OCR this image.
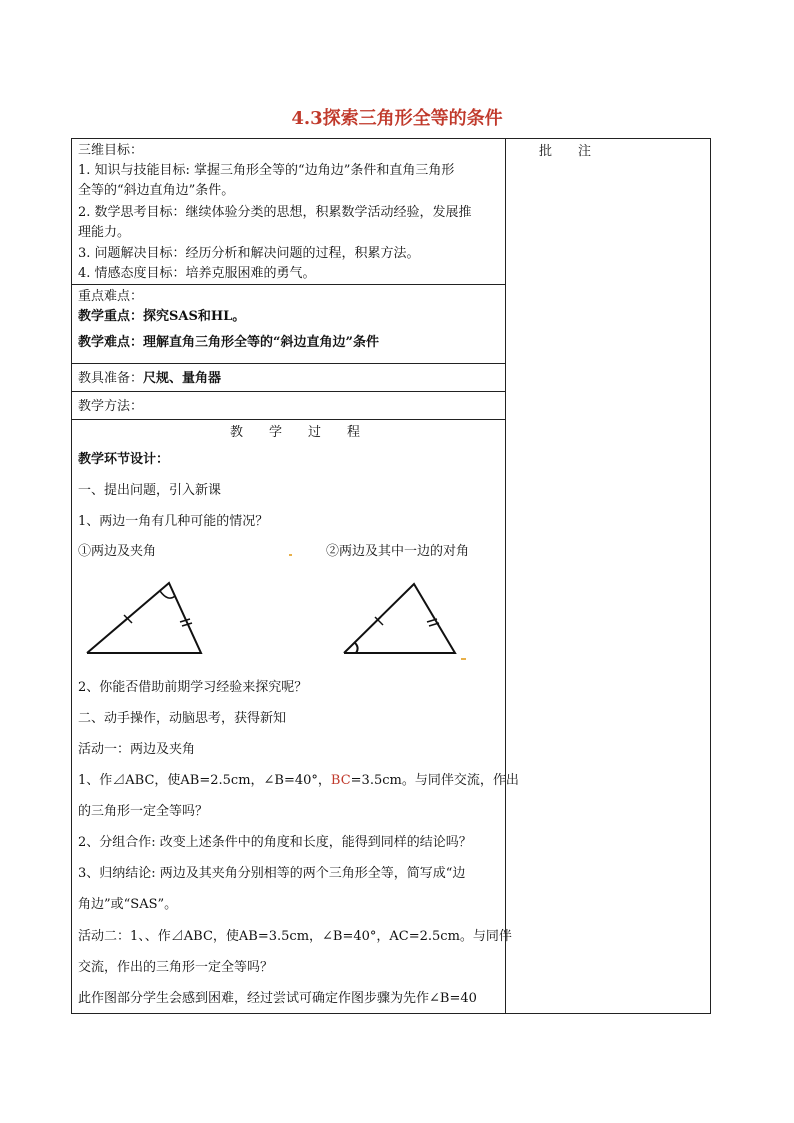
4.3探索三角形全等的条件
批　　注
三维目标：
1. 知识与技能目标: 掌握三角形全等的“边角边”条件和直角三角形
全等的“斜边直角边”条件。
2. 数学思考目标：继续体验分类的思想，积累数学活动经验，发展推
理能力。
3. 问题解决目标：经历分析和解决问题的过程，积累方法。
4. 情感态度目标：培养克服困难的勇气。
重点难点：
教学重点：探究SAS和HL。
教学难点：理解直角三角形全等的“斜边直角边”条件
教具准备：尺规、量角器
教学方法：
教　　学　　过　　程
教学环节设计：
一、提出问题，引入新课
1、两边一角有几种可能的情况？
①两边及夹角	②两边及其中一边的对角
2、你能否借助前期学习经验来探究呢？
二、动手操作，动脑思考，获得新知
活动一：两边及夹角
1、作⊿ABC，使AB=2.5cm，∠B=40°，BC=3.5cm。与同伴交流，作出
的三角形一定全等吗？
2、分组合作: 改变上述条件中的角度和长度，能得到同样的结论吗？
3、归纳结论: 两边及其夹角分别相等的两个三角形全等，简写成“边
角边”或“SAS”。
活动二：1、、作⊿ABC，使AB=3.5cm，∠B=40°，AC=2.5cm。与同伴
交流，作出的三角形一定全等吗？
此作图部分学生会感到困难，经过尝试可确定作图步骤为先作∠B=40
